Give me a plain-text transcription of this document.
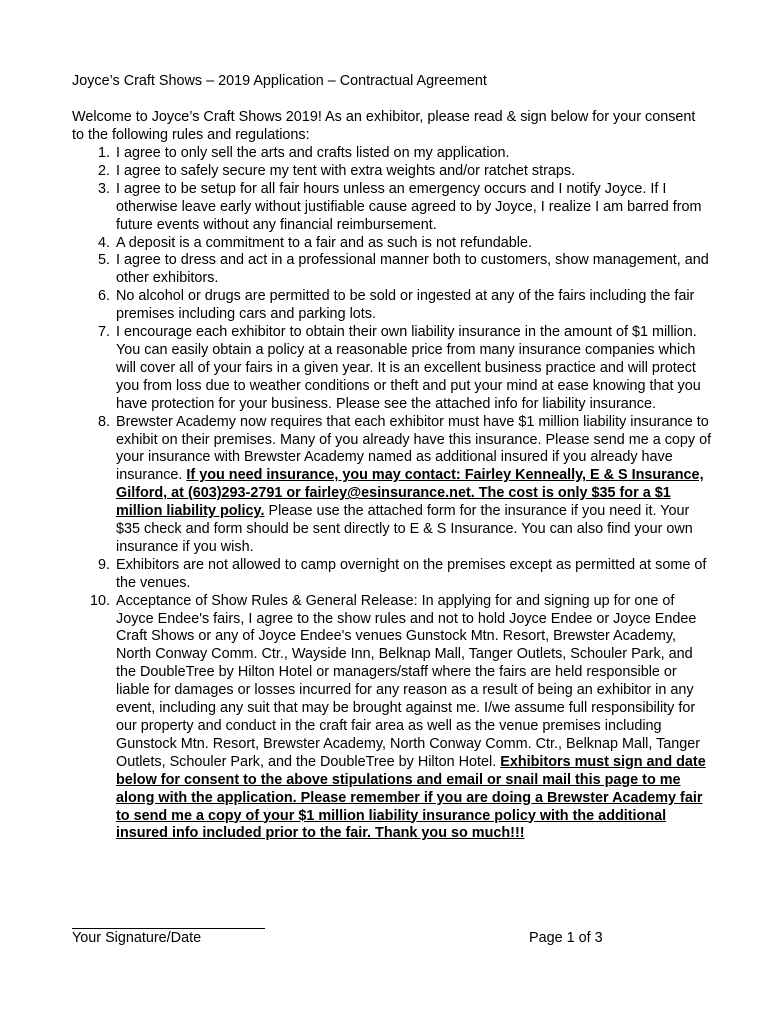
Joyce’s Craft Shows – 2019 Application – Contractual Agreement
Welcome to Joyce’s Craft Shows 2019! As an exhibitor, please read & sign below for your consent to the following rules and regulations:
1. I agree to only sell the arts and crafts listed on my application.
2. I agree to safely secure my tent with extra weights and/or ratchet straps.
3. I agree to be setup for all fair hours unless an emergency occurs and I notify Joyce. If I otherwise leave early without justifiable cause agreed to by Joyce, I realize I am barred from future events without any financial reimbursement.
4. A deposit is a commitment to a fair and as such is not refundable.
5. I agree to dress and act in a professional manner both to customers, show management, and other exhibitors.
6. No alcohol or drugs are permitted to be sold or ingested at any of the fairs including the fair premises including cars and parking lots.
7. I encourage each exhibitor to obtain their own liability insurance in the amount of $1 million. You can easily obtain a policy at a reasonable price from many insurance companies which will cover all of your fairs in a given year. It is an excellent business practice and will protect you from loss due to weather conditions or theft and put your mind at ease knowing that you have protection for your business. Please see the attached info for liability insurance.
8. Brewster Academy now requires that each exhibitor must have $1 million liability insurance to exhibit on their premises. Many of you already have this insurance. Please send me a copy of your insurance with Brewster Academy named as additional insured if you already have insurance. If you need insurance, you may contact: Fairley Kenneally, E & S Insurance, Gilford, at (603)293-2791 or fairley@esinsurance.net. The cost is only $35 for a $1 million liability policy. Please use the attached form for the insurance if you need it. Your $35 check and form should be sent directly to E & S Insurance. You can also find your own insurance if you wish.
9. Exhibitors are not allowed to camp overnight on the premises except as permitted at some of the venues.
10. Acceptance of Show Rules & General Release: In applying for and signing up for one of Joyce Endee's fairs, I agree to the show rules and not to hold Joyce Endee or Joyce Endee Craft Shows or any of Joyce Endee's venues Gunstock Mtn. Resort, Brewster Academy, North Conway Comm. Ctr., Wayside Inn, Belknap Mall, Tanger Outlets, Schouler Park, and the DoubleTree by Hilton Hotel or managers/staff where the fairs are held responsible or liable for damages or losses incurred for any reason as a result of being an exhibitor in any event, including any suit that may be brought against me. I/we assume full responsibility for our property and conduct in the craft fair area as well as the venue premises including Gunstock Mtn. Resort, Brewster Academy, North Conway Comm. Ctr., Belknap Mall, Tanger Outlets, Schouler Park, and the DoubleTree by Hilton Hotel. Exhibitors must sign and date below for consent to the above stipulations and email or snail mail this page to me along with the application. Please remember if you are doing a Brewster Academy fair to send me a copy of your $1 million liability insurance policy with the additional insured info included prior to the fair. Thank you so much!!!
Your Signature/Date	Page 1 of 3
